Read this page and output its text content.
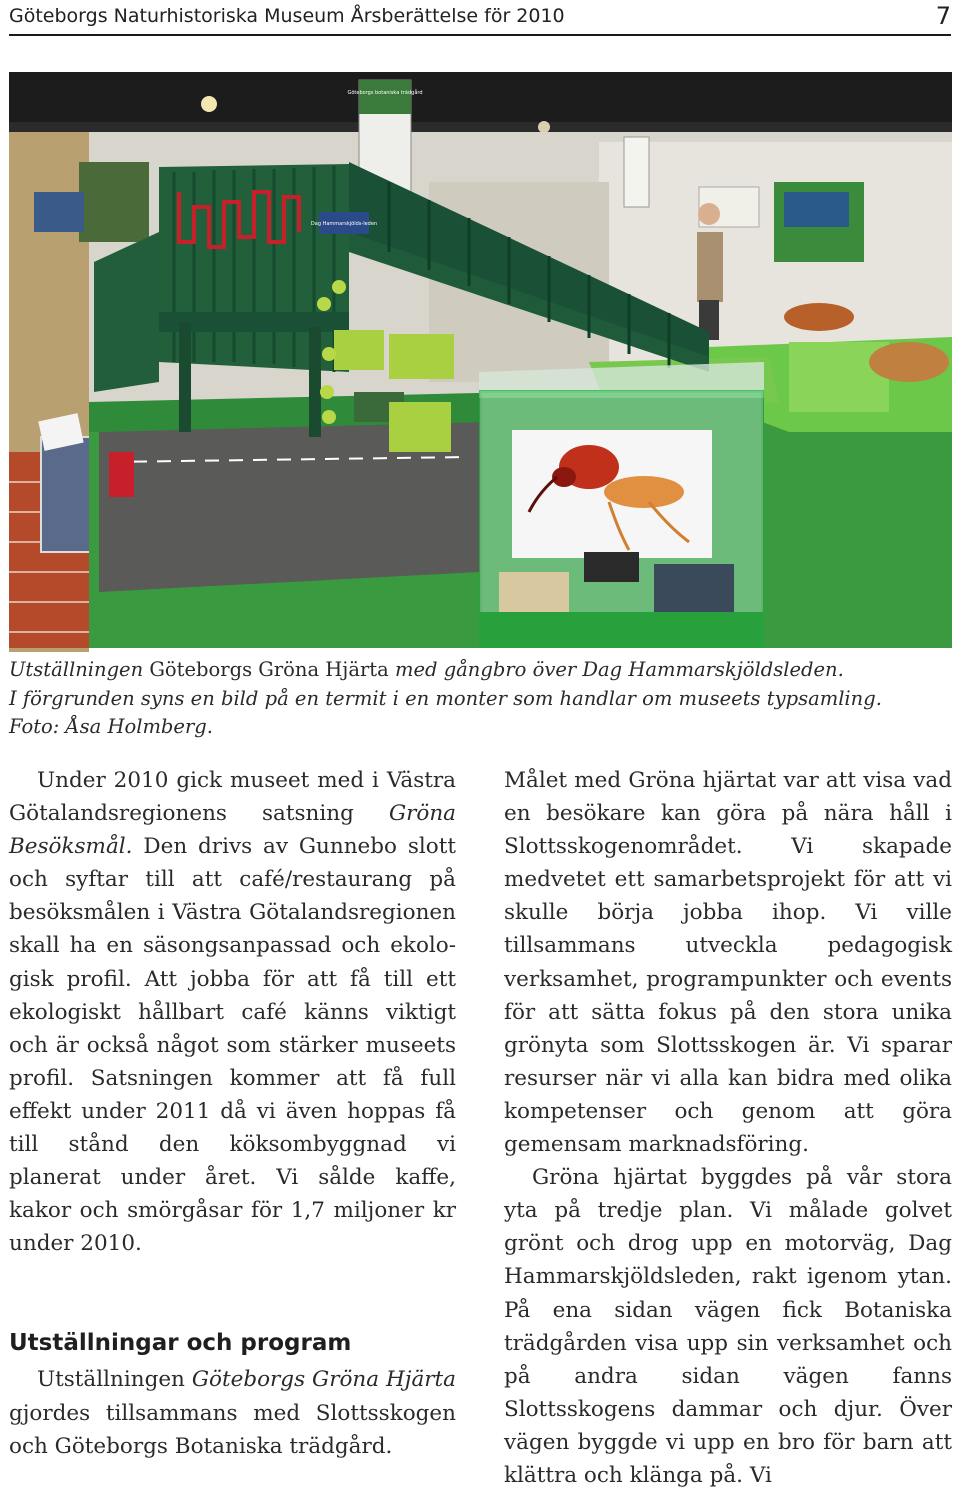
Göteborgs Naturhistoriska Museum Årsberättelse för 2010	7
Göteborgs botaniska trädgård
Dag Hammarskjölds-leden
Utställningen Göteborgs Gröna Hjärta med gångbro över Dag Hammarskjöldsleden.
I förgrunden syns en bild på en termit i en monter som handlar om museets typsamling.
Foto: Åsa Holmberg.

Under 2010 gick museet med i Västra Götalandsregionens satsning Gröna Besöksmål. Den drivs av Gunnebo slott och syftar till att café/restaurang på besöksmålen i Västra Götalandsregionen skall ha en säsongsanpassad och ekologisk profil. Att jobba för att få till ett ekologiskt hållbart café känns viktigt och är också något som stärker museets profil. Satsningen kommer att få full effekt under 2011 då vi även hoppas få till stånd den köksombyggnad vi planerat under året. Vi sålde kaffe, kakor och smörgåsar för 1,7 miljoner kr under 2010.

Utställningar och program

Utställningen Göteborgs Gröna Hjärta gjordes tillsammans med Slottsskogen och Göteborgs Botaniska trädgård.

Målet med Gröna hjärtat var att visa vad en besökare kan göra på nära håll i Slottsskogenområdet. Vi skapade medvetet ett samarbetsprojekt för att vi skulle börja jobba ihop. Vi ville tillsammans utveckla pedagogisk verksamhet, programpunkter och events för att sätta fokus på den stora unika grönyta som Slottsskogen är. Vi sparar resurser när vi alla kan bidra med olika kompetenser och genom att göra gemensam marknadsföring.

Gröna hjärtat byggdes på vår stora yta på tredje plan. Vi målade golvet grönt och drog upp en motorväg, Dag Hammarskjöldsleden, rakt igenom ytan. På ena sidan vägen fick Botaniska trädgården visa upp sin verksamhet och på andra sidan vägen fanns Slottsskogens dammar och djur. Över vägen byggde vi upp en bro för barn att klättra och klänga på. Vi
